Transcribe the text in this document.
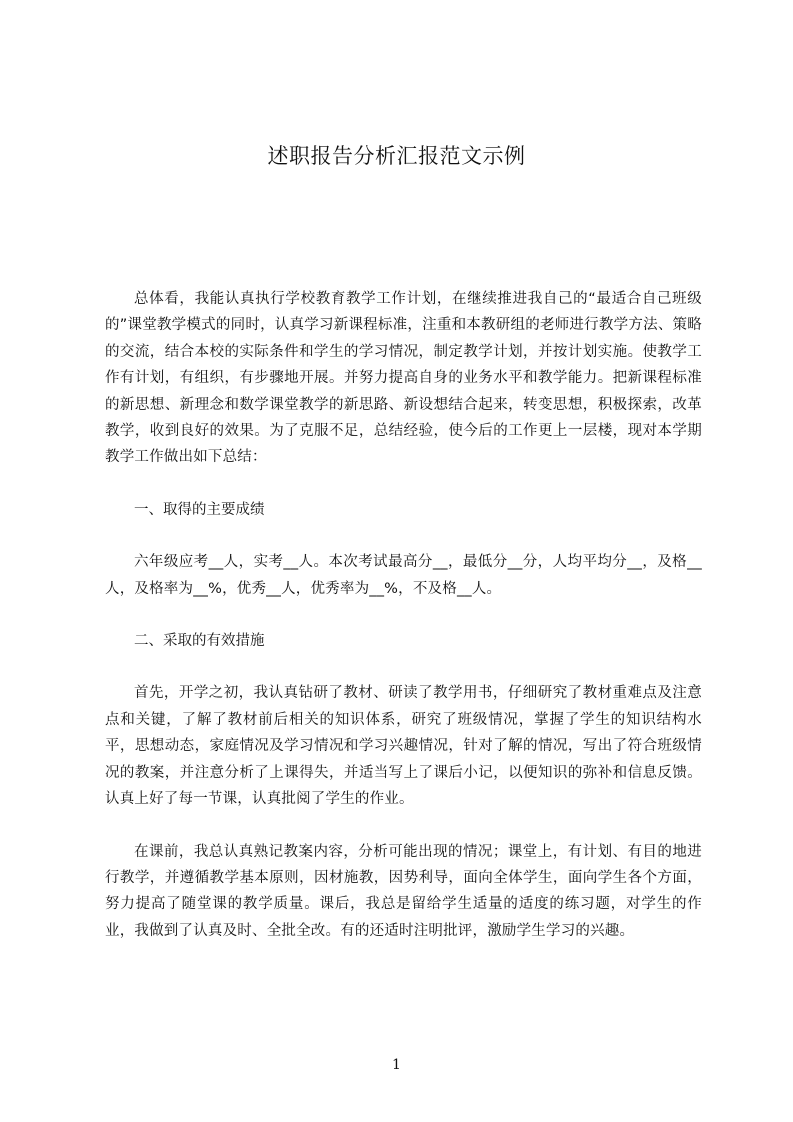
述职报告分析汇报范文示例

总体看，我能认真执行学校教育教学工作计划，在继续推进我自己的“最适合自己班级的”课堂教学模式的同时，认真学习新课程标准，注重和本教研组的老师进行教学方法、策略的交流，结合本校的实际条件和学生的学习情况，制定教学计划，并按计划实施。使教学工作有计划，有组织，有步骤地开展。并努力提高自身的业务水平和教学能力。把新课程标准的新思想、新理念和数学课堂教学的新思路、新设想结合起来，转变思想，积极探索，改革教学，收到良好的效果。为了克服不足，总结经验，使今后的工作更上一层楼，现对本学期教学工作做出如下总结：

一、取得的主要成绩

六年级应考__人，实考__人。本次考试最高分__，最低分__分，人均平均分__，及格__人，及格率为__%，优秀__人，优秀率为__%，不及格__人。

二、采取的有效措施

首先，开学之初，我认真钻研了教材、研读了教学用书，仔细研究了教材重难点及注意点和关键，了解了教材前后相关的知识体系，研究了班级情况，掌握了学生的知识结构水平，思想动态，家庭情况及学习情况和学习兴趣情况，针对了解的情况，写出了符合班级情况的教案，并注意分析了上课得失，并适当写上了课后小记，以便知识的弥补和信息反馈。认真上好了每一节课，认真批阅了学生的作业。

在课前，我总认真熟记教案内容，分析可能出现的情况；课堂上，有计划、有目的地进行教学，并遵循教学基本原则，因材施教，因势利导，面向全体学生，面向学生各个方面，努力提高了随堂课的教学质量。课后，我总是留给学生适量的适度的练习题，对学生的作业，我做到了认真及时、全批全改。有的还适时注明批评，激励学生学习的兴趣。

1
